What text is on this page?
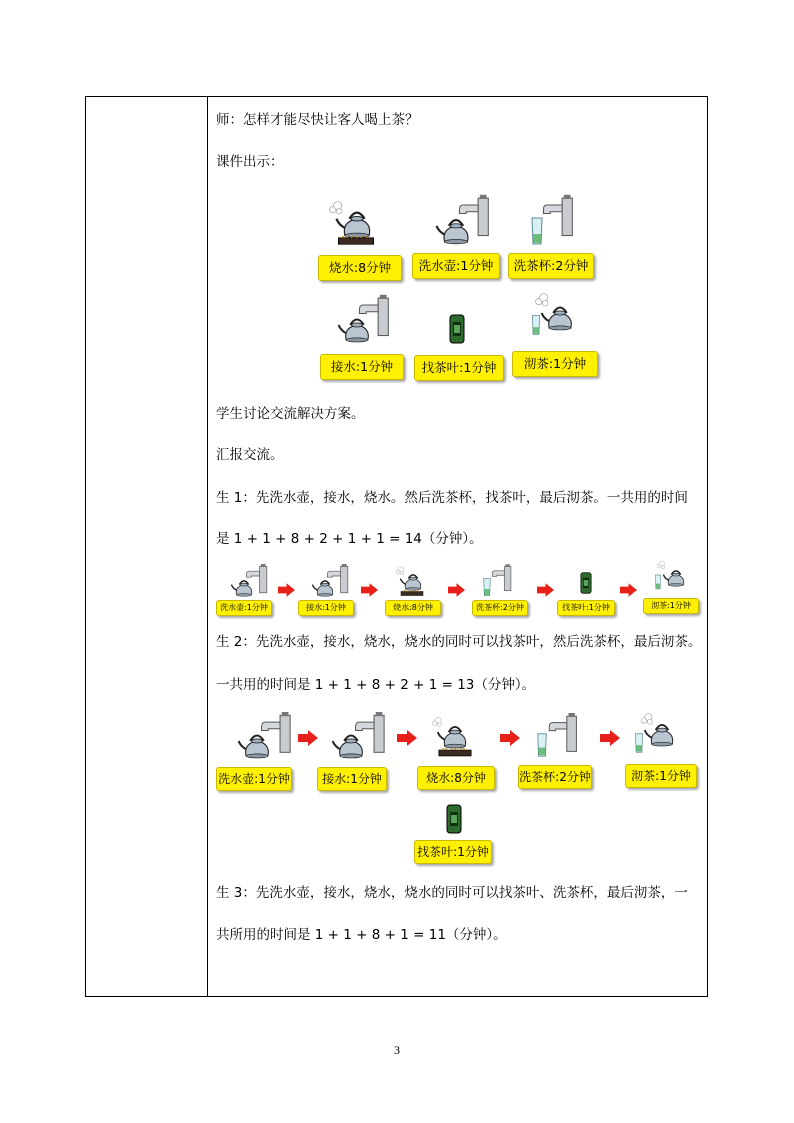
师：怎样才能尽快让客人喝上茶？
课件出示：
烧水:8分钟	洗水壶:1分钟	洗茶杯:2分钟
接水:1分钟	找茶叶:1分钟	沏茶:1分钟
学生讨论交流解决方案。
汇报交流。
生 1：先洗水壶，接水，烧水。然后洗茶杯，找茶叶，最后沏茶。一共用的时间
是 1 + 1 + 8 + 2 + 1 + 1 = 14（分钟）。
洗水壶:1分钟	接水:1分钟	烧水:8分钟	洗茶杯:2分钟	找茶叶:1分钟	沏茶:1分钟
生 2：先洗水壶，接水，烧水，烧水的同时可以找茶叶，然后洗茶杯，最后沏茶。
一共用的时间是 1 + 1 + 8 + 2 + 1 = 13（分钟）。
洗水壶:1分钟	接水:1分钟	烧水:8分钟	洗茶杯:2分钟	沏茶:1分钟
找茶叶:1分钟
生 3：先洗水壶，接水，烧水，烧水的同时可以找茶叶、洗茶杯，最后沏茶，一
共所用的时间是 1 + 1 + 8 + 1 = 11（分钟）。
3
